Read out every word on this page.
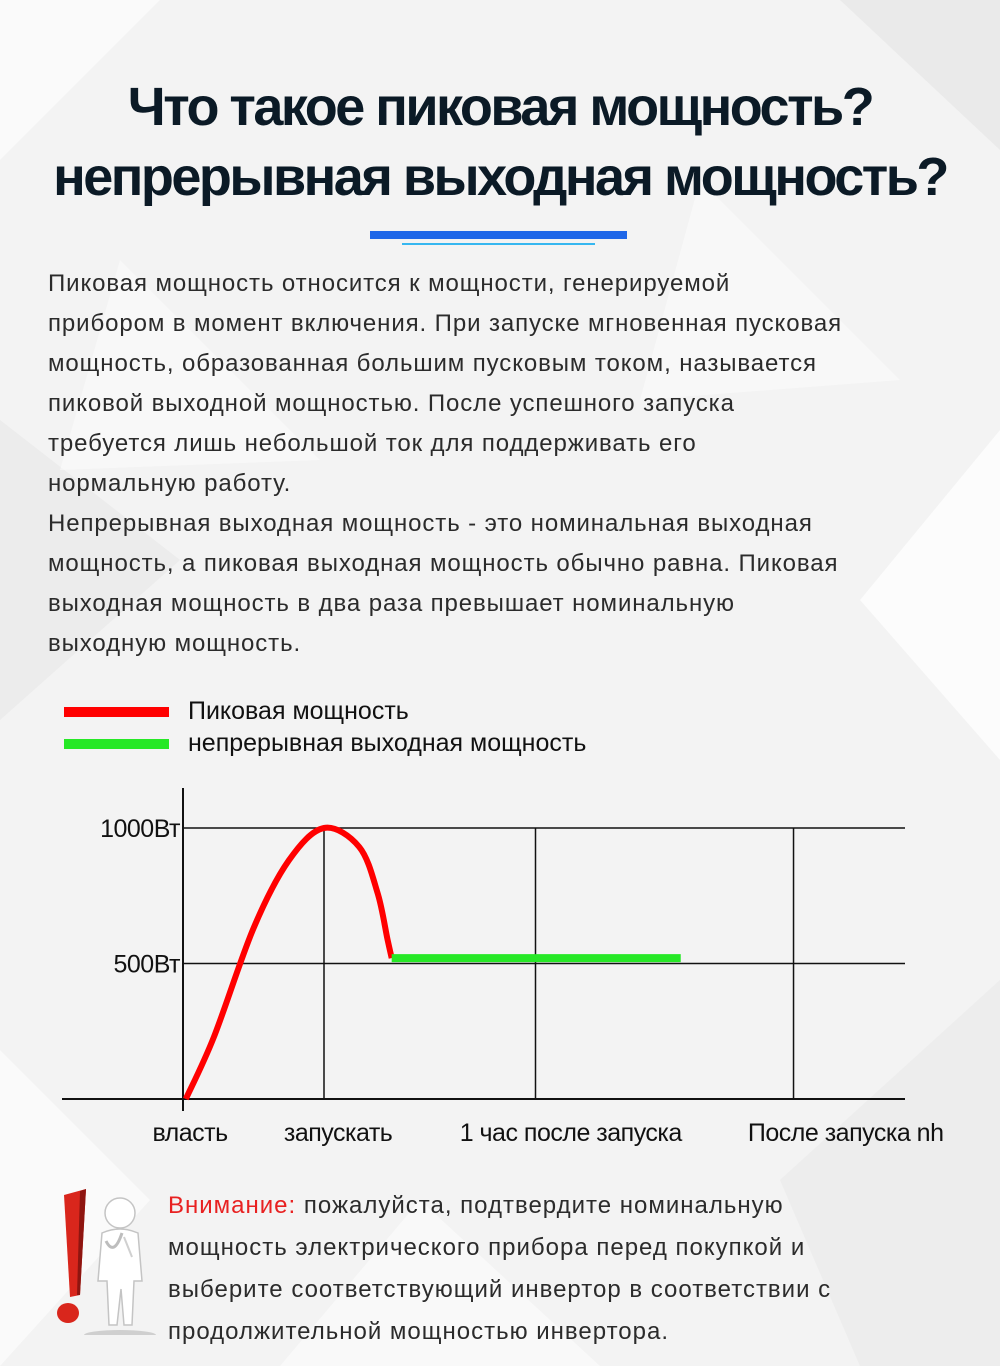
Что такое пиковая мощность?
непрерывная выходная мощность?

Пиковая мощность относится к мощности, генерируемой

прибором в момент включения. При запуске мгновенная пусковая

мощность, образованная большим пусковым током, называется

пиковой выходной мощностью. После успешного запуска

требуется лишь небольшой ток для поддерживать его

нормальную работу.

Непрерывная выходная мощность - это номинальная выходная

мощность, а пиковая выходная мощность обычно равна. Пиковая

выходная мощность в два раза превышает номинальную

выходную мощность.

Пиковая мощность
непрерывная выходная мощность
500Вт
1000Вт
власть запускать	1 час после запуска	После запуска nh

Внимание: пожалуйста, подтвердите номинальную

мощность электрического прибора перед покупкой и

выберите соответствующий инвертор в соответствии с

продолжительной мощностью инвертора.
